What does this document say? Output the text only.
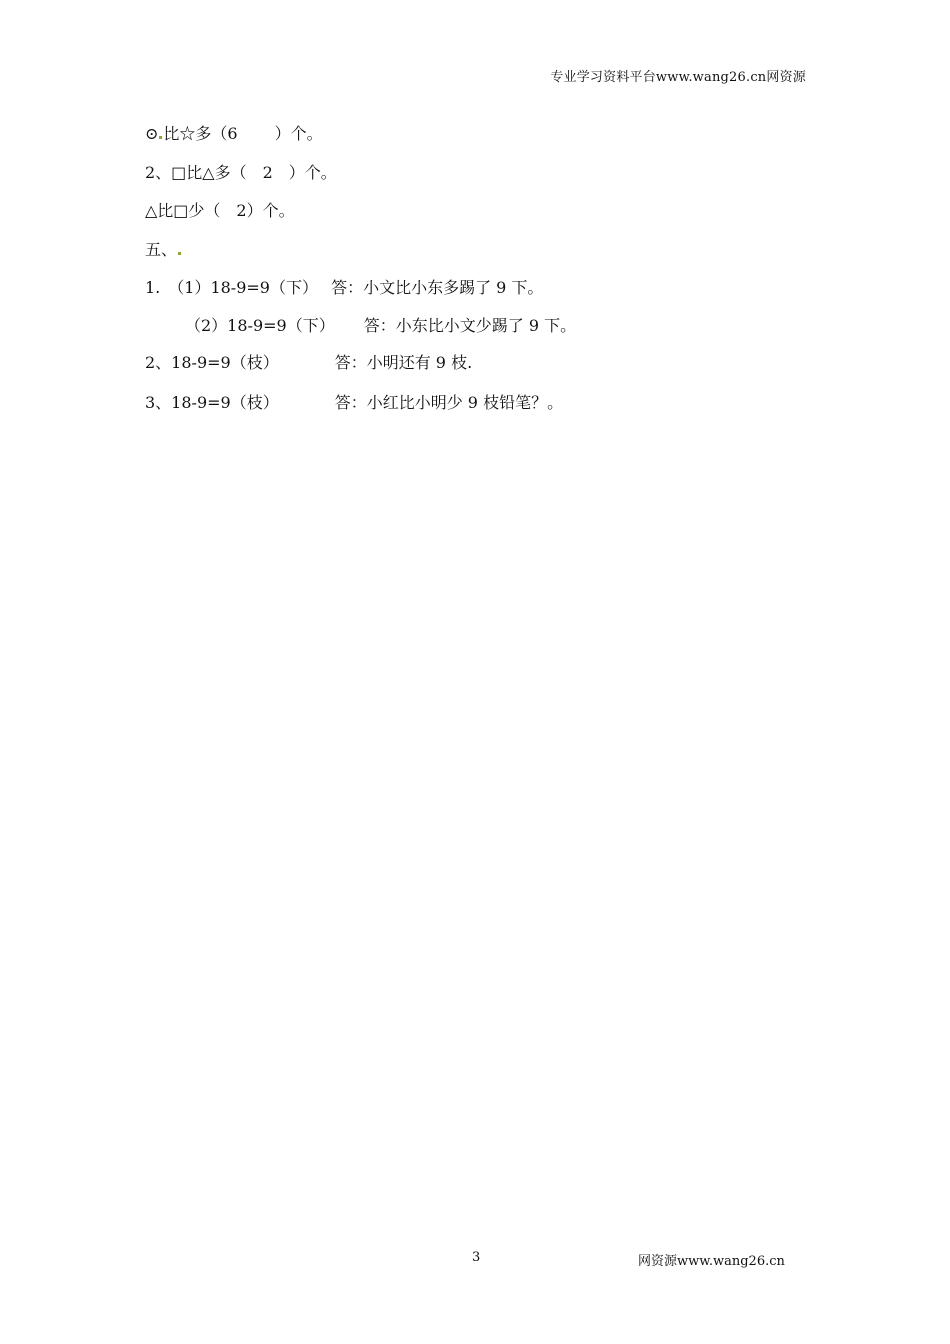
专业学习资料平台www.wang26.cn网资源
⊙ 比☆多（6　　 ）个。
2、□比△多（　2　）个。
△比□少（　2）个。
五、
1.　（1）18-9=9（下）　 答：小文比小东多踢了 9 下。
　　　（2）18-9=9（下）　　 答：小东比小文少踢了 9 下。
2、18-9=9（枝）　　　　答：小明还有 9 枝.
3、18-9=9（枝）　　　　答：小红比小明少 9 枝铅笔？。
3	网资源www.wang26.cn
